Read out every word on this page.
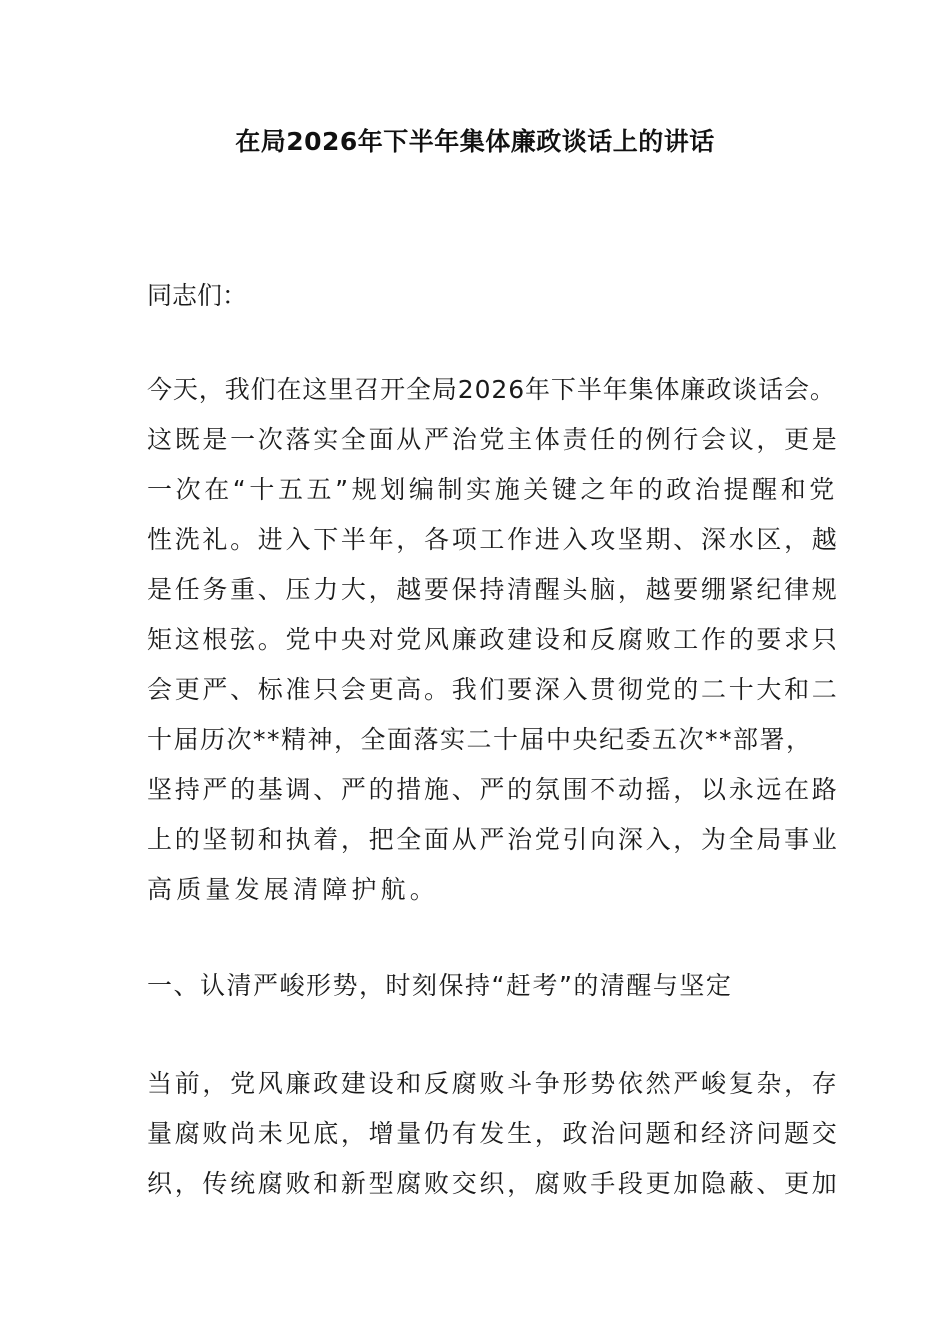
在局2026年下半年集体廉政谈话上的讲话

同志们：

今天，我们在这里召开全局2026年下半年集体廉政谈话会。

这既是一次落实全面从严治党主体责任的例行会议，更是

一次在“十五五”规划编制实施关键之年的政治提醒和党

性洗礼。进入下半年，各项工作进入攻坚期、深水区，越

是任务重、压力大，越要保持清醒头脑，越要绷紧纪律规

矩这根弦。党中央对党风廉政建设和反腐败工作的要求只

会更严、标准只会更高。我们要深入贯彻党的二十大和二

十届历次**精神，全面落实二十届中央纪委五次**部署，

坚持严的基调、严的措施、严的氛围不动摇，以永远在路

上的坚韧和执着，把全面从严治党引向深入，为全局事业

高质量发展清障护航。

一、认清严峻形势，时刻保持“赶考”的清醒与坚定

当前，党风廉政建设和反腐败斗争形势依然严峻复杂，存

量腐败尚未见底，增量仍有发生，政治问题和经济问题交

织，传统腐败和新型腐败交织，腐败手段更加隐蔽、更加
